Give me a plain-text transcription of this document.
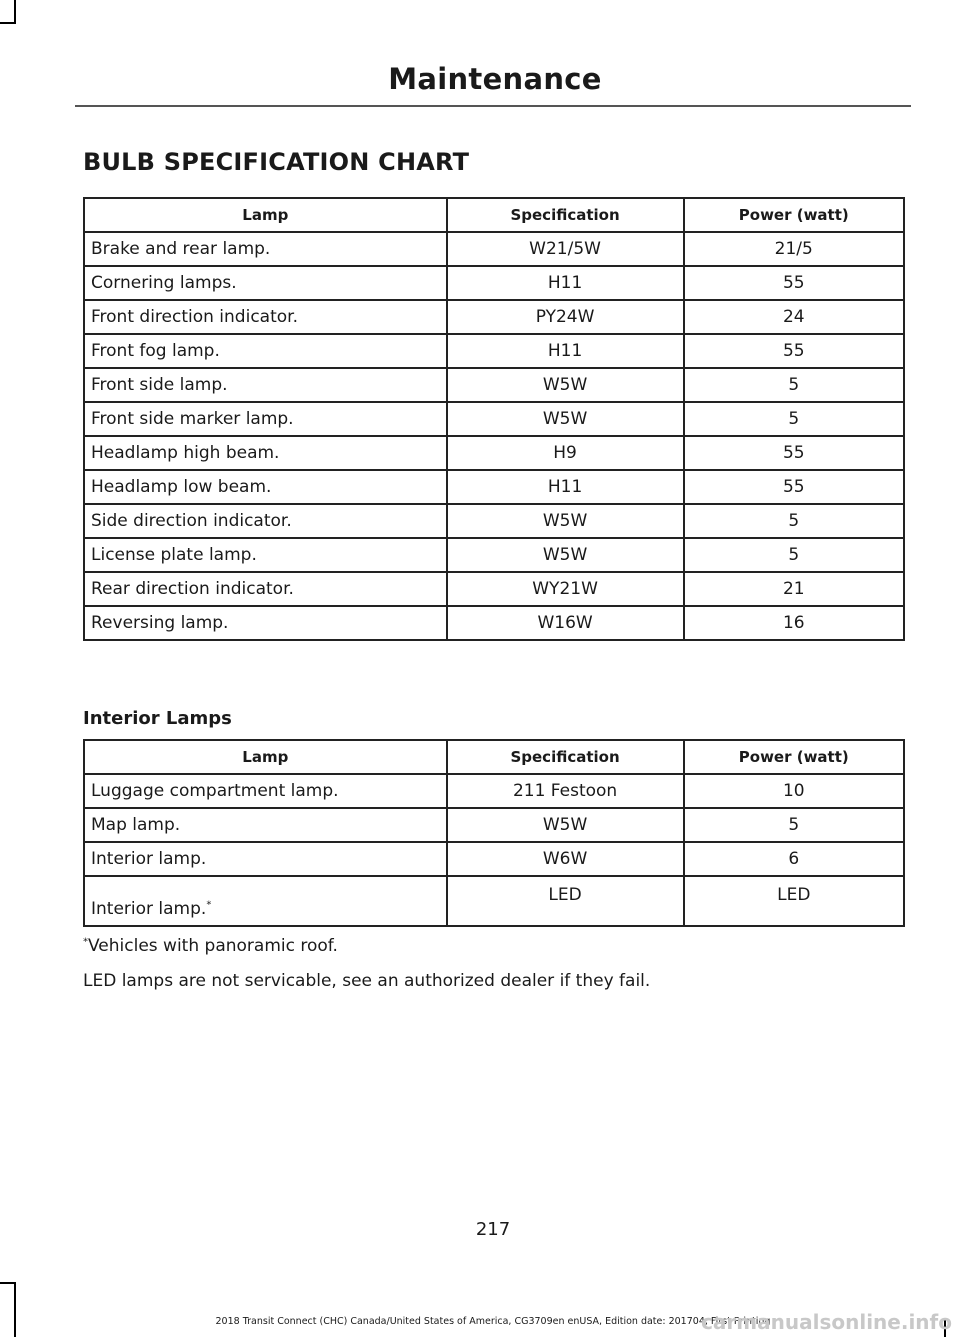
Maintenance
BULB SPECIFICATION CHART
Lamp	Specification	Power (watt)
Brake and rear lamp.	W21/5W	21/5
Cornering lamps.	H11	55
Front direction indicator.	PY24W	24
Front fog lamp.	H11	55
Front side lamp.	W5W	5
Front side marker lamp.	W5W	5
Headlamp high beam.	H9	55
Headlamp low beam.	H11	55
Side direction indicator.	W5W	5
License plate lamp.	W5W	5
Rear direction indicator.	WY21W	21
Reversing lamp.	W16W	16
Interior Lamps
Lamp	Specification	Power (watt)
Luggage compartment lamp.	211 Festoon	10
Map lamp.	W5W	5
Interior lamp.	W6W	6
Interior lamp.*	LED	LED
*Vehicles with panoramic roof.
LED lamps are not servicable, see an authorized dealer if they fail.
217
2018 Transit Connect (CHC) Canada/United States of America, CG3709en enUSA, Edition date: 201704, First Printing
carmanualsonline.info
